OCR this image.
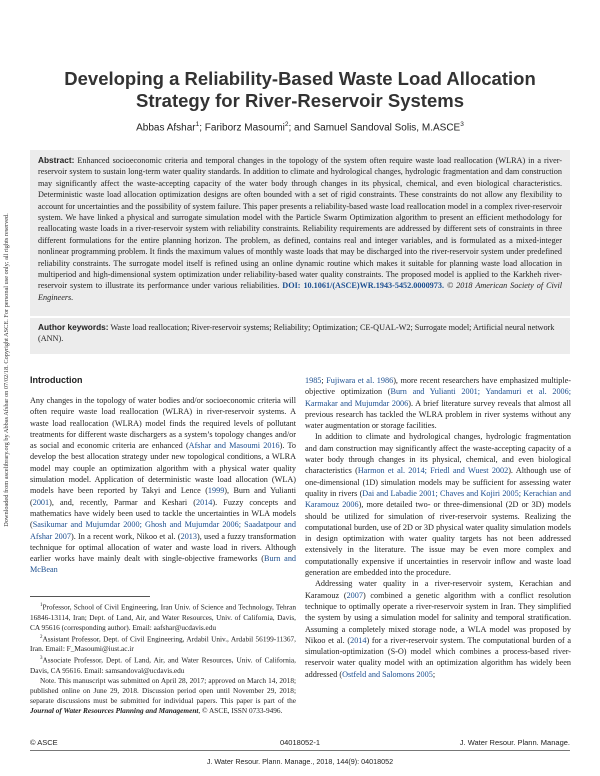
Downloaded from ascelibrary.org by Abbas Afshar on 07/02/18. Copyright ASCE. For personal use only; all rights reserved.
Developing a Reliability-Based Waste Load Allocation
Strategy for River-Reservoir Systems
Abbas Afshar$^1$; Fariborz Masoumi$^2$; and Samuel Sandoval Solis, M.ASCE$^3$
Abstract: Enhanced socioeconomic criteria and temporal changes in the topology of the system often require waste load reallocation (WLRA) in a river-reservoir system to sustain long-term water quality standards. In addition to climate and hydrological changes, hydrologic fragmentation and dam construction may significantly affect the waste-accepting capacity of the water body through changes in its physical, chemical, and even biological characteristics. Deterministic waste load allocation optimization designs are often bounded with a set of rigid constraints. These constraints do not allow any flexibility to account for uncertainties and the possibility of system failure. This paper presents a reliability-based waste load reallocation model in a complex river-reservoir system. We have linked a physical and surrogate simulation model with the Particle Swarm Optimization algorithm to present an efficient methodology for reallocating waste loads in a river-reservoir system with reliability constraints. Reliability requirements are addressed by different sets of constraints in three different formulations for the entire planning horizon. The problem, as defined, contains real and integer variables, and is formulated as a mixed-integer nonlinear programming problem. It finds the maximum values of monthly waste loads that may be discharged into the river-reservoir system under predefined reliability constraints. The surrogate model itself is refined using an online dynamic routine which makes it suitable for planning waste load allocation in multiperiod and high-dimensional system optimization under reliability-based water quality constraints. The proposed model is applied to the Karkheh river-reservoir system to illustrate its performance under various reliabilities. DOI: 10.1061/(ASCE)WR.1943-5452.0000973. © 2018 American Society of Civil Engineers.
Author keywords: Waste load reallocation; River-reservoir systems; Reliability; Optimization; CE-QUAL-W2; Surrogate model; Artificial neural network (ANN).
Introduction

Any changes in the topology of water bodies and/or socioeconomic criteria will often require waste load reallocation (WLRA) in river-reservoir systems. A waste load reallocation (WLRA) model finds the required levels of pollutant treatments for different waste dischargers as a system’s topology changes and/or as social and economic criteria are enhanced (Afshar and Masoumi 2016). To develop the best allocation strategy under new topological conditions, a WLRA model may couple an optimization algorithm with a physical water quality simulation model. Application of deterministic waste load allocation (WLA) models have been reported by Takyi and Lence (1999), Burn and Yulianti (2001), and, recently, Parmar and Keshari (2014). Fuzzy concepts and mathematics have widely been used to tackle the uncertainties in WLA models (Sasikumar and Mujumdar 2000; Ghosh and Mujumdar 2006; Saadatpour and Afshar 2007). In a recent work, Nikoo et al. (2013), used a fuzzy transformation technique for optimal allocation of water and waste load in rivers. Although earlier works have mainly dealt with single-objective frameworks (Burn and McBean

$^1$Professor, School of Civil Engineering, Iran Univ. of Science and Technology, Tehran 16846-13114, Iran; Dept. of Land, Air, and Water Resources, Univ. of California, Davis, CA 95616 (corresponding author). Email: aafshar@ucdavis.edu

$^2$Assistant Professor, Dept. of Civil Engineering, Ardabil Univ., Ardabil 56199-11367, Iran. Email: F_Masoumi@iust.ac.ir

$^3$Associate Professor, Dept. of Land, Air, and Water Resources, Univ. of California, Davis, CA 95616. Email: samsandoval@ucdavis.edu

Note. This manuscript was submitted on April 28, 2017; approved on March 14, 2018; published online on June 29, 2018. Discussion period open until November 29, 2018; separate discussions must be submitted for individual papers. This paper is part of the Journal of Water Resources Planning and Management, © ASCE, ISSN 0733-9496.

1985; Fujiwara et al. 1986), more recent researchers have emphasized multiple-objective optimization (Burn and Yulianti 2001; Yandamuri et al. 2006; Karmakar and Mujumdar 2006). A brief literature survey reveals that almost all previous research has tackled the WLRA problem in river systems without any water augmentation or storage facilities.

In addition to climate and hydrological changes, hydrologic fragmentation and dam construction may significantly affect the waste-accepting capacity of a water body through changes in its physical, chemical, and even biological characteristics (Harmon et al. 2014; Friedl and Wuest 2002). Although use of one-dimensional (1D) simulation models may be sufficient for assessing water quality in rivers (Dai and Labadie 2001; Chaves and Kojiri 2005; Kerachian and Karamouz 2006), more detailed two- or three-dimensional (2D or 3D) models should be utilized for simulation of river-reservoir systems. Realizing the computational burden, use of 2D or 3D physical water quality simulation models in design optimization with water quality targets has not been addressed extensively in the literature. The issue may be even more complex and computationally expensive if uncertainties in reservoir inflow and waste load generation are embedded into the procedure.

Addressing water quality in a river-reservoir system, Kerachian and Karamouz (2007) combined a genetic algorithm with a conflict resolution technique to optimally operate a river-reservoir system in Iran. They simplified the system by using a simulation model for salinity and temporal stratification. Assuming a completely mixed storage node, a WLA model was proposed by Nikoo et al. (2014) for a river-reservoir system. The computational burden of a simulation-optimization (S-O) model which combines a process-based river-reservoir water quality model with an optimization algorithm has widely been addressed (Ostfeld and Salomons 2005;

© ASCE	04018052-1	J. Water Resour. Plann. Manage.
J. Water Resour. Plann. Manage., 2018, 144(9): 04018052
